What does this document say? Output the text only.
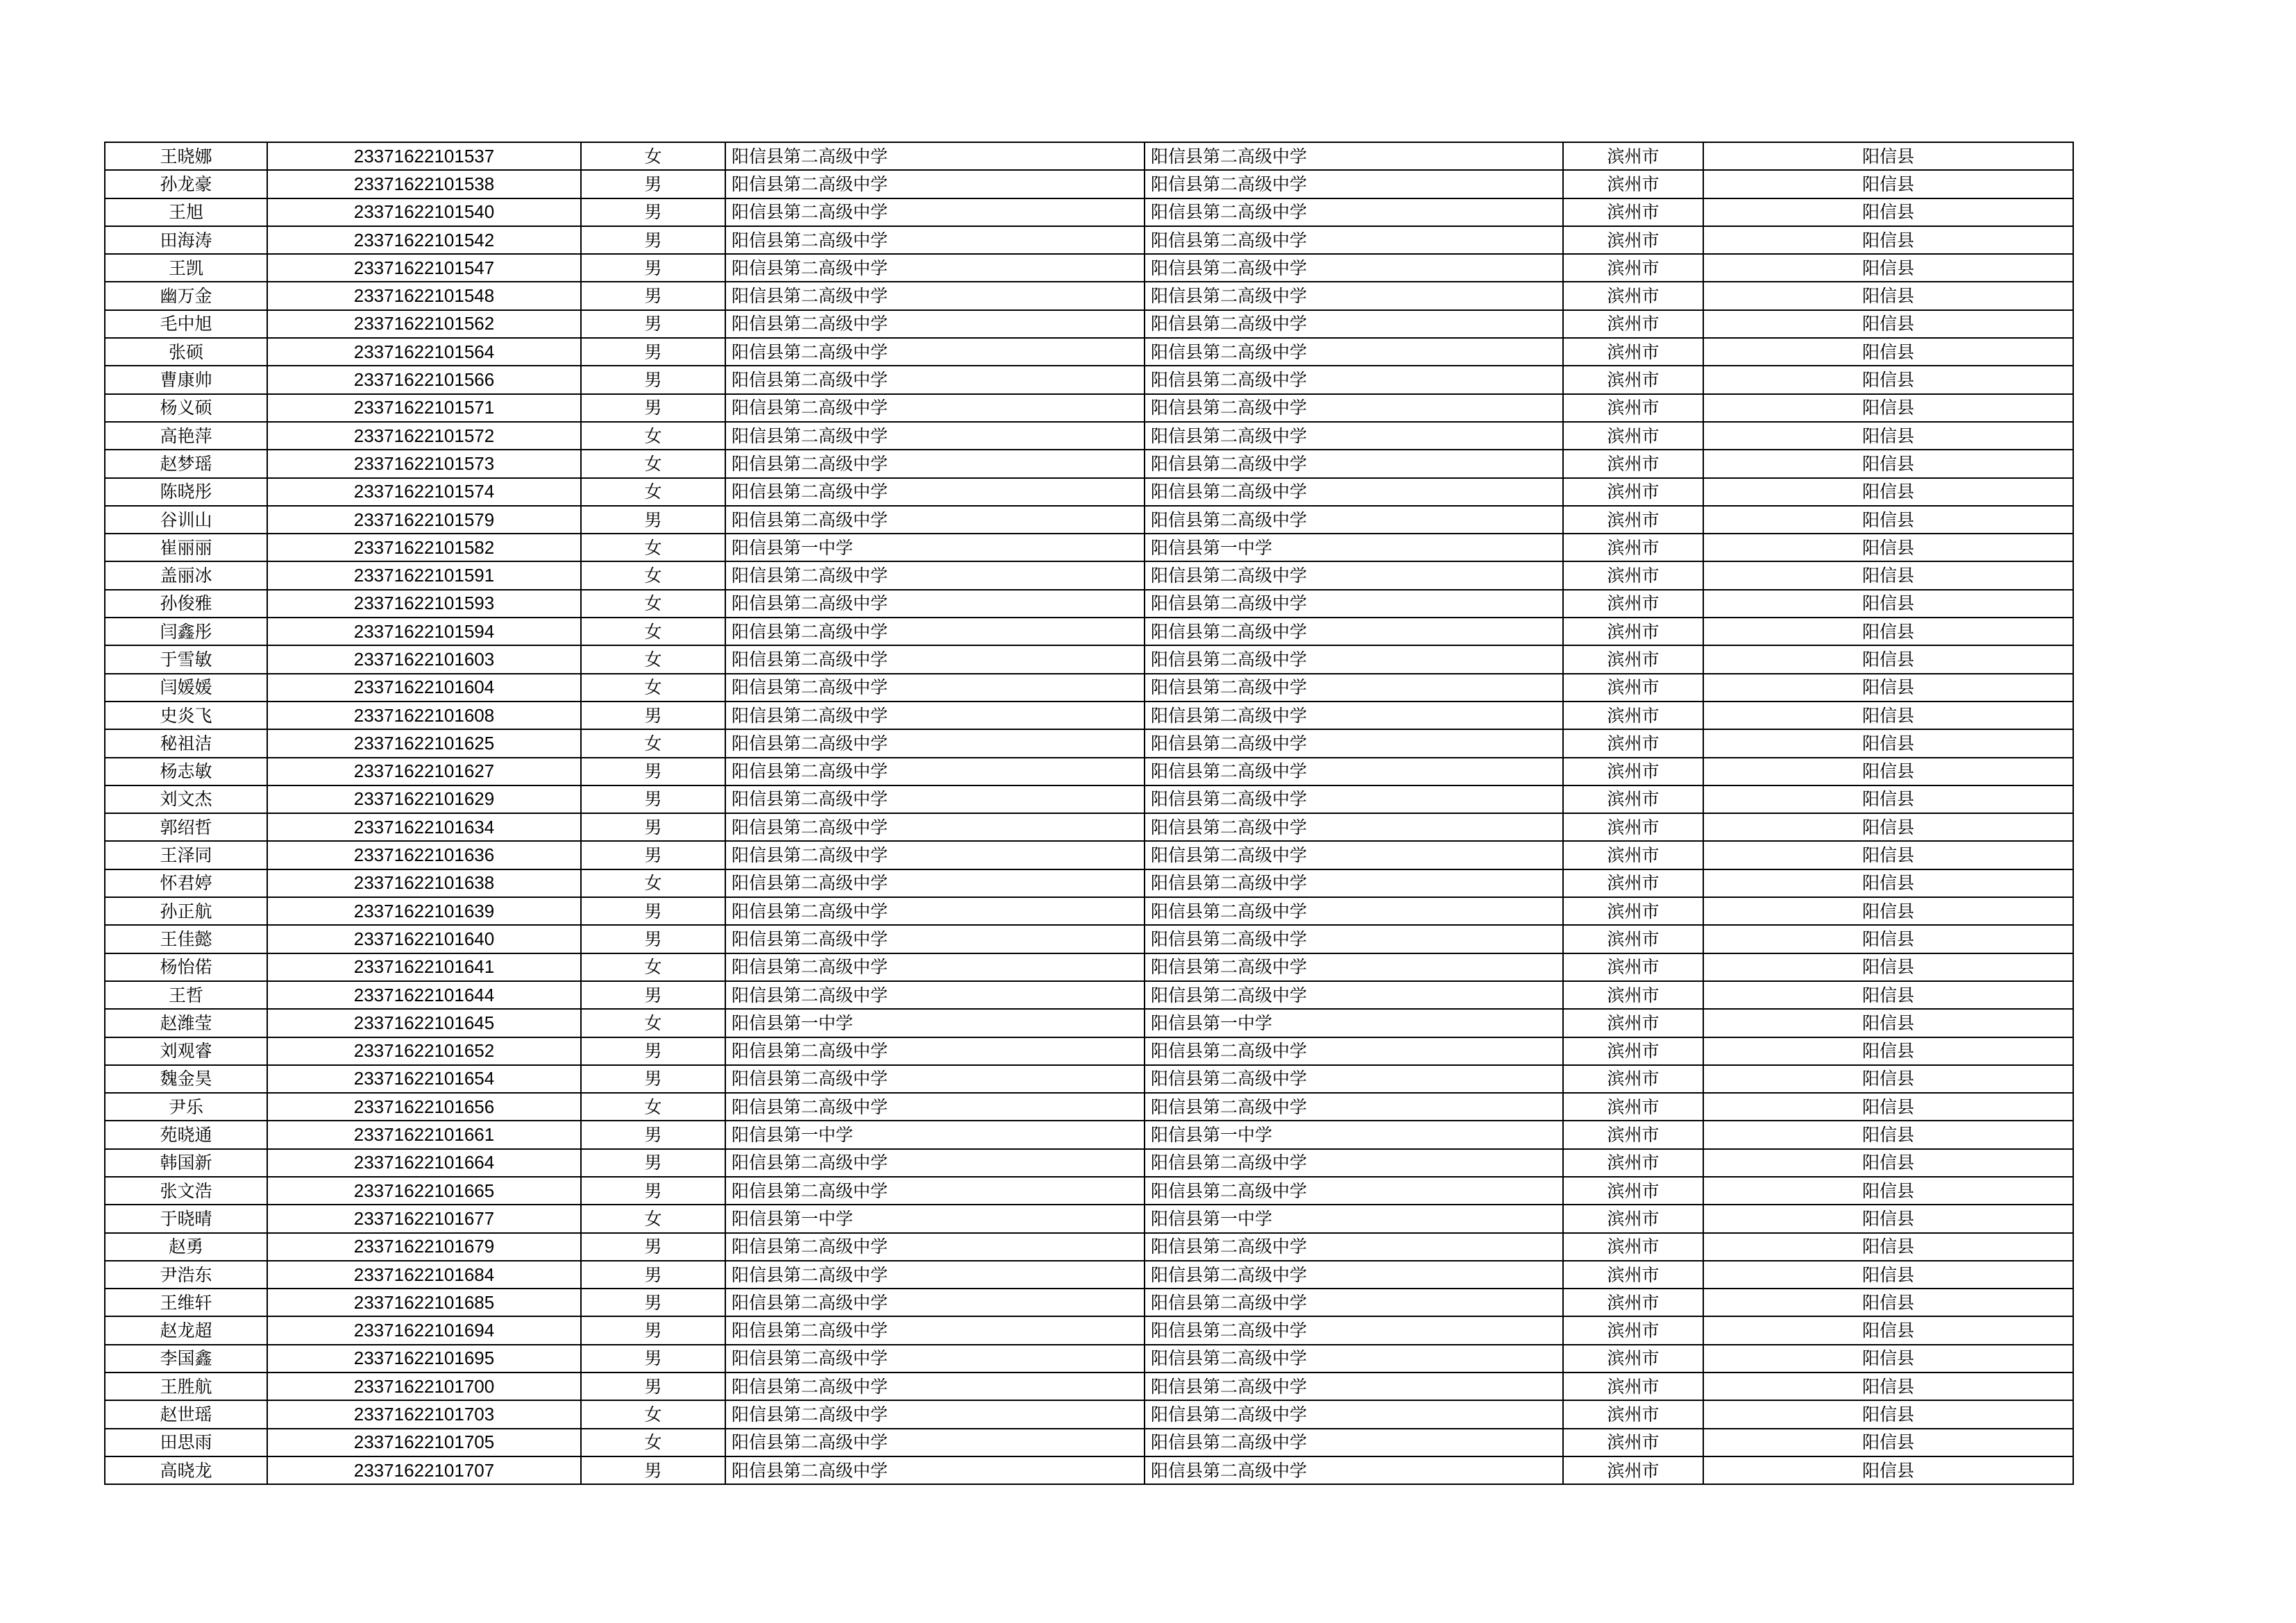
王晓娜	23371622101537	女	阳信县第二高级中学	阳信县第二高级中学	滨州市	阳信县
孙龙豪	23371622101538	男	阳信县第二高级中学	阳信县第二高级中学	滨州市	阳信县
王旭	23371622101540	男	阳信县第二高级中学	阳信县第二高级中学	滨州市	阳信县
田海涛	23371622101542	男	阳信县第二高级中学	阳信县第二高级中学	滨州市	阳信县
王凯	23371622101547	男	阳信县第二高级中学	阳信县第二高级中学	滨州市	阳信县
幽万金	23371622101548	男	阳信县第二高级中学	阳信县第二高级中学	滨州市	阳信县
毛中旭	23371622101562	男	阳信县第二高级中学	阳信县第二高级中学	滨州市	阳信县
张硕	23371622101564	男	阳信县第二高级中学	阳信县第二高级中学	滨州市	阳信县
曹康帅	23371622101566	男	阳信县第二高级中学	阳信县第二高级中学	滨州市	阳信县
杨义硕	23371622101571	男	阳信县第二高级中学	阳信县第二高级中学	滨州市	阳信县
高艳萍	23371622101572	女	阳信县第二高级中学	阳信县第二高级中学	滨州市	阳信县
赵梦瑶	23371622101573	女	阳信县第二高级中学	阳信县第二高级中学	滨州市	阳信县
陈晓彤	23371622101574	女	阳信县第二高级中学	阳信县第二高级中学	滨州市	阳信县
谷训山	23371622101579	男	阳信县第二高级中学	阳信县第二高级中学	滨州市	阳信县
崔丽丽	23371622101582	女	阳信县第一中学	阳信县第一中学	滨州市	阳信县
盖丽冰	23371622101591	女	阳信县第二高级中学	阳信县第二高级中学	滨州市	阳信县
孙俊雅	23371622101593	女	阳信县第二高级中学	阳信县第二高级中学	滨州市	阳信县
闫鑫彤	23371622101594	女	阳信县第二高级中学	阳信县第二高级中学	滨州市	阳信县
于雪敏	23371622101603	女	阳信县第二高级中学	阳信县第二高级中学	滨州市	阳信县
闫媛媛	23371622101604	女	阳信县第二高级中学	阳信县第二高级中学	滨州市	阳信县
史炎飞	23371622101608	男	阳信县第二高级中学	阳信县第二高级中学	滨州市	阳信县
秘祖洁	23371622101625	女	阳信县第二高级中学	阳信县第二高级中学	滨州市	阳信县
杨志敏	23371622101627	男	阳信县第二高级中学	阳信县第二高级中学	滨州市	阳信县
刘文杰	23371622101629	男	阳信县第二高级中学	阳信县第二高级中学	滨州市	阳信县
郭绍哲	23371622101634	男	阳信县第二高级中学	阳信县第二高级中学	滨州市	阳信县
王泽同	23371622101636	男	阳信县第二高级中学	阳信县第二高级中学	滨州市	阳信县
怀君婷	23371622101638	女	阳信县第二高级中学	阳信县第二高级中学	滨州市	阳信县
孙正航	23371622101639	男	阳信县第二高级中学	阳信县第二高级中学	滨州市	阳信县
王佳懿	23371622101640	男	阳信县第二高级中学	阳信县第二高级中学	滨州市	阳信县
杨怡偌	23371622101641	女	阳信县第二高级中学	阳信县第二高级中学	滨州市	阳信县
王哲	23371622101644	男	阳信县第二高级中学	阳信县第二高级中学	滨州市	阳信县
赵潍莹	23371622101645	女	阳信县第一中学	阳信县第一中学	滨州市	阳信县
刘观睿	23371622101652	男	阳信县第二高级中学	阳信县第二高级中学	滨州市	阳信县
魏金昊	23371622101654	男	阳信县第二高级中学	阳信县第二高级中学	滨州市	阳信县
尹乐	23371622101656	女	阳信县第二高级中学	阳信县第二高级中学	滨州市	阳信县
苑晓通	23371622101661	男	阳信县第一中学	阳信县第一中学	滨州市	阳信县
韩国新	23371622101664	男	阳信县第二高级中学	阳信县第二高级中学	滨州市	阳信县
张文浩	23371622101665	男	阳信县第二高级中学	阳信县第二高级中学	滨州市	阳信县
于晓晴	23371622101677	女	阳信县第一中学	阳信县第一中学	滨州市	阳信县
赵勇	23371622101679	男	阳信县第二高级中学	阳信县第二高级中学	滨州市	阳信县
尹浩东	23371622101684	男	阳信县第二高级中学	阳信县第二高级中学	滨州市	阳信县
王维轩	23371622101685	男	阳信县第二高级中学	阳信县第二高级中学	滨州市	阳信县
赵龙超	23371622101694	男	阳信县第二高级中学	阳信县第二高级中学	滨州市	阳信县
李国鑫	23371622101695	男	阳信县第二高级中学	阳信县第二高级中学	滨州市	阳信县
王胜航	23371622101700	男	阳信县第二高级中学	阳信县第二高级中学	滨州市	阳信县
赵世瑶	23371622101703	女	阳信县第二高级中学	阳信县第二高级中学	滨州市	阳信县
田思雨	23371622101705	女	阳信县第二高级中学	阳信县第二高级中学	滨州市	阳信县
高晓龙	23371622101707	男	阳信县第二高级中学	阳信县第二高级中学	滨州市	阳信县
